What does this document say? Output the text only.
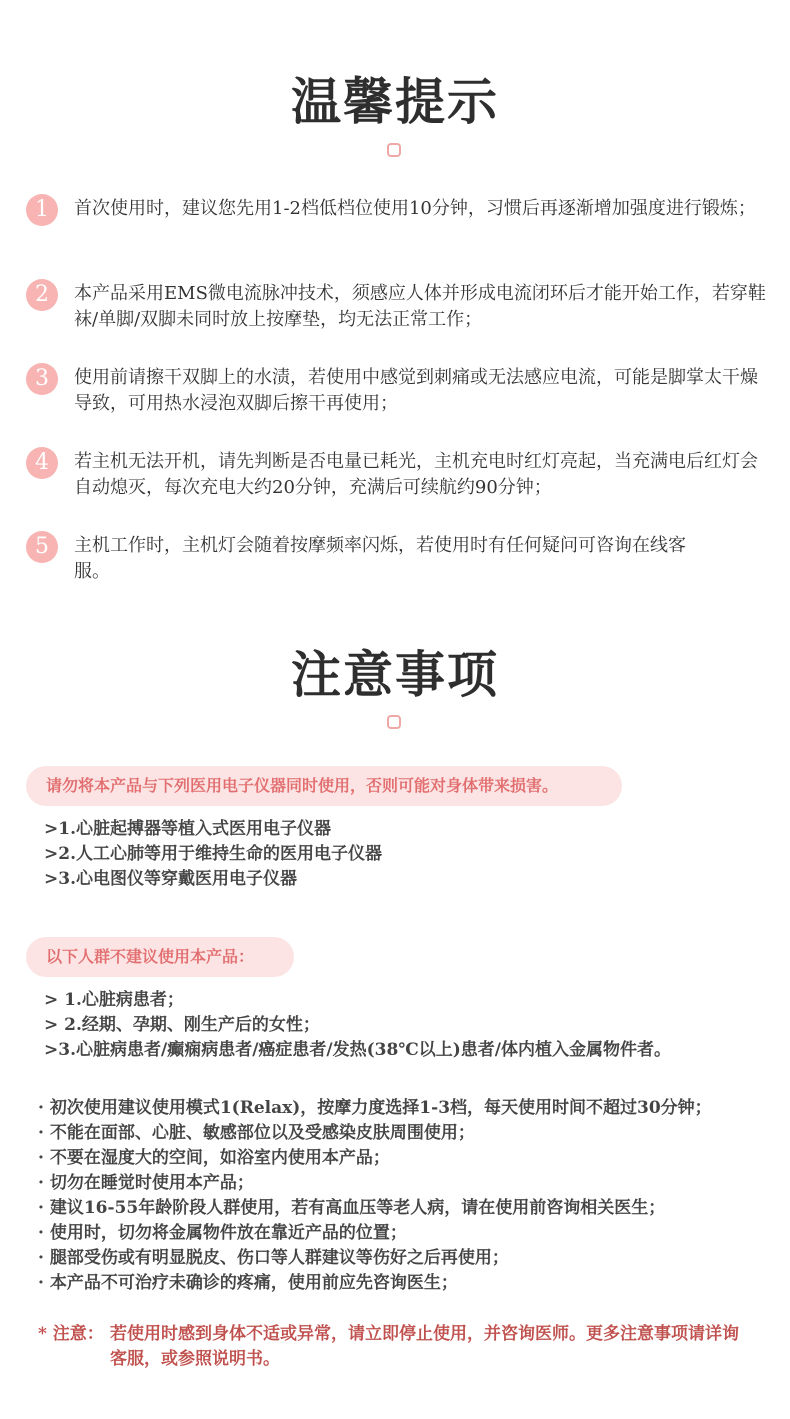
温馨提示
1	首次使用时，建议您先用1-2档低档位使用10分钟，习惯后再逐渐增加强度进行锻炼；
2	本产品采用EMS微电流脉冲技术，须感应人体并形成电流闭环后才能开始工作，若穿鞋袜/单脚/双脚未同时放上按摩垫，均无法正常工作；
3	使用前请擦干双脚上的水渍，若使用中感觉到刺痛或无法感应电流，可能是脚掌太干燥导致，可用热水浸泡双脚后擦干再使用；
4	若主机无法开机，请先判断是否电量已耗光，主机充电时红灯亮起，当充满电后红灯会自动熄灭，每次充电大约20分钟，充满后可续航约90分钟；
5	主机工作时，主机灯会随着按摩频率闪烁，若使用时有任何疑问可咨询在线客服。
注意事项
请勿将本产品与下列医用电子仪器同时使用，否则可能对身体带来损害。
>1.心脏起搏器等植入式医用电子仪器
>2.人工心肺等用于维持生命的医用电子仪器
>3.心电图仪等穿戴医用电子仪器
以下人群不建议使用本产品：
> 1.心脏病患者；
> 2.经期、孕期、刚生产后的女性；
>3.心脏病患者/癫痫病患者/癌症患者/发热(38℃以上)患者/体内植入金属物件者。
· 初次使用建议使用模式1(Relax)，按摩力度选择1-3档，每天使用时间不超过30分钟；
· 不能在面部、心脏、敏感部位以及受感染皮肤周围使用；
· 不要在湿度大的空间，如浴室内使用本产品；
· 切勿在睡觉时使用本产品；
· 建议16-55年龄阶段人群使用，若有高血压等老人病，请在使用前咨询相关医生；
· 使用时，切勿将金属物件放在靠近产品的位置；
· 腿部受伤或有明显脱皮、伤口等人群建议等伤好之后再使用；
· 本产品不可治疗未确诊的疼痛，使用前应先咨询医生；
* 注意： 若使用时感到身体不适或异常，请立即停止使用，并咨询医师。更多注意事项请详询客服，或参照说明书。
